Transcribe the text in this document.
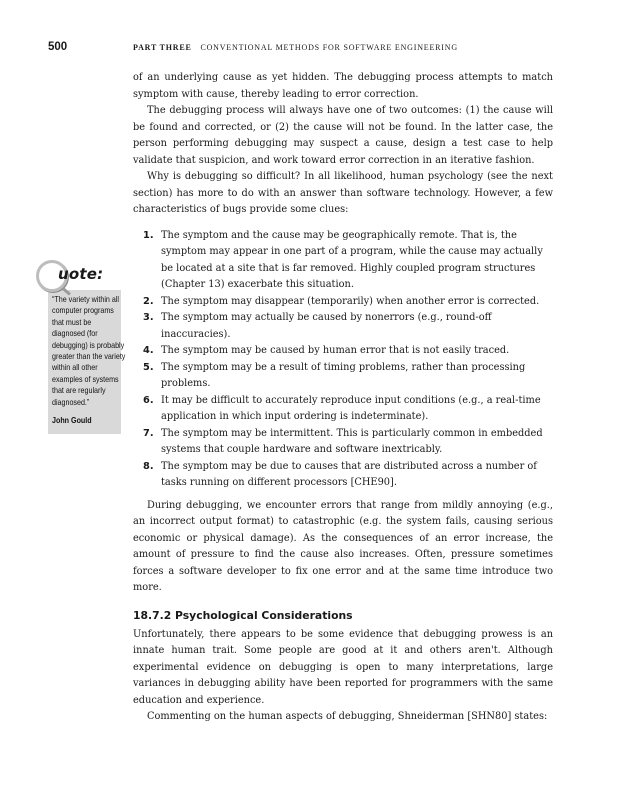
500	PART THREE CONVENTIONAL METHODS FOR SOFTWARE ENGINEERING
uote:

“The variety within all computer programs that must be diagnosed (for debugging) is probably greater than the variety within all other examples of systems that are regularly diagnosed.”

John Gould

of an underlying cause as yet hidden. The debugging process attempts to match symptom with cause, thereby leading to error correction.

The debugging process will always have one of two outcomes: (1) the cause will be found and corrected, or (2) the cause will not be found. In the latter case, the person performing debugging may suspect a cause, design a test case to help validate that suspicion, and work toward error correction in an iterative fashion.

Why is debugging so difficult? In all likelihood, human psychology (see the next section) has more to do with an answer than software technology. However, a few characteristics of bugs provide some clues:

1. The symptom and the cause may be geographically remote. That is, the symptom may appear in one part of a program, while the cause may actually be located at a site that is far removed. Highly coupled program structures (Chapter 13) exacerbate this situation.
2. The symptom may disappear (temporarily) when another error is corrected.
3. The symptom may actually be caused by nonerrors (e.g., round-off inaccuracies).
4. The symptom may be caused by human error that is not easily traced.
5. The symptom may be a result of timing problems, rather than processing problems.
6. It may be difficult to accurately reproduce input conditions (e.g., a real-time application in which input ordering is indeterminate).
7. The symptom may be intermittent. This is particularly common in embedded systems that couple hardware and software inextricably.
8. The symptom may be due to causes that are distributed across a number of tasks running on different processors [CHE90].

During debugging, we encounter errors that range from mildly annoying (e.g., an incorrect output format) to catastrophic (e.g. the system fails, causing serious economic or physical damage). As the consequences of an error increase, the amount of pressure to find the cause also increases. Often, pressure sometimes forces a software developer to fix one error and at the same time introduce two more.

18.7.2 Psychological Considerations

Unfortunately, there appears to be some evidence that debugging prowess is an innate human trait. Some people are good at it and others aren't. Although experimental evidence on debugging is open to many interpretations, large variances in debugging ability have been reported for programmers with the same education and experience.

Commenting on the human aspects of debugging, Shneiderman [SHN80] states:
